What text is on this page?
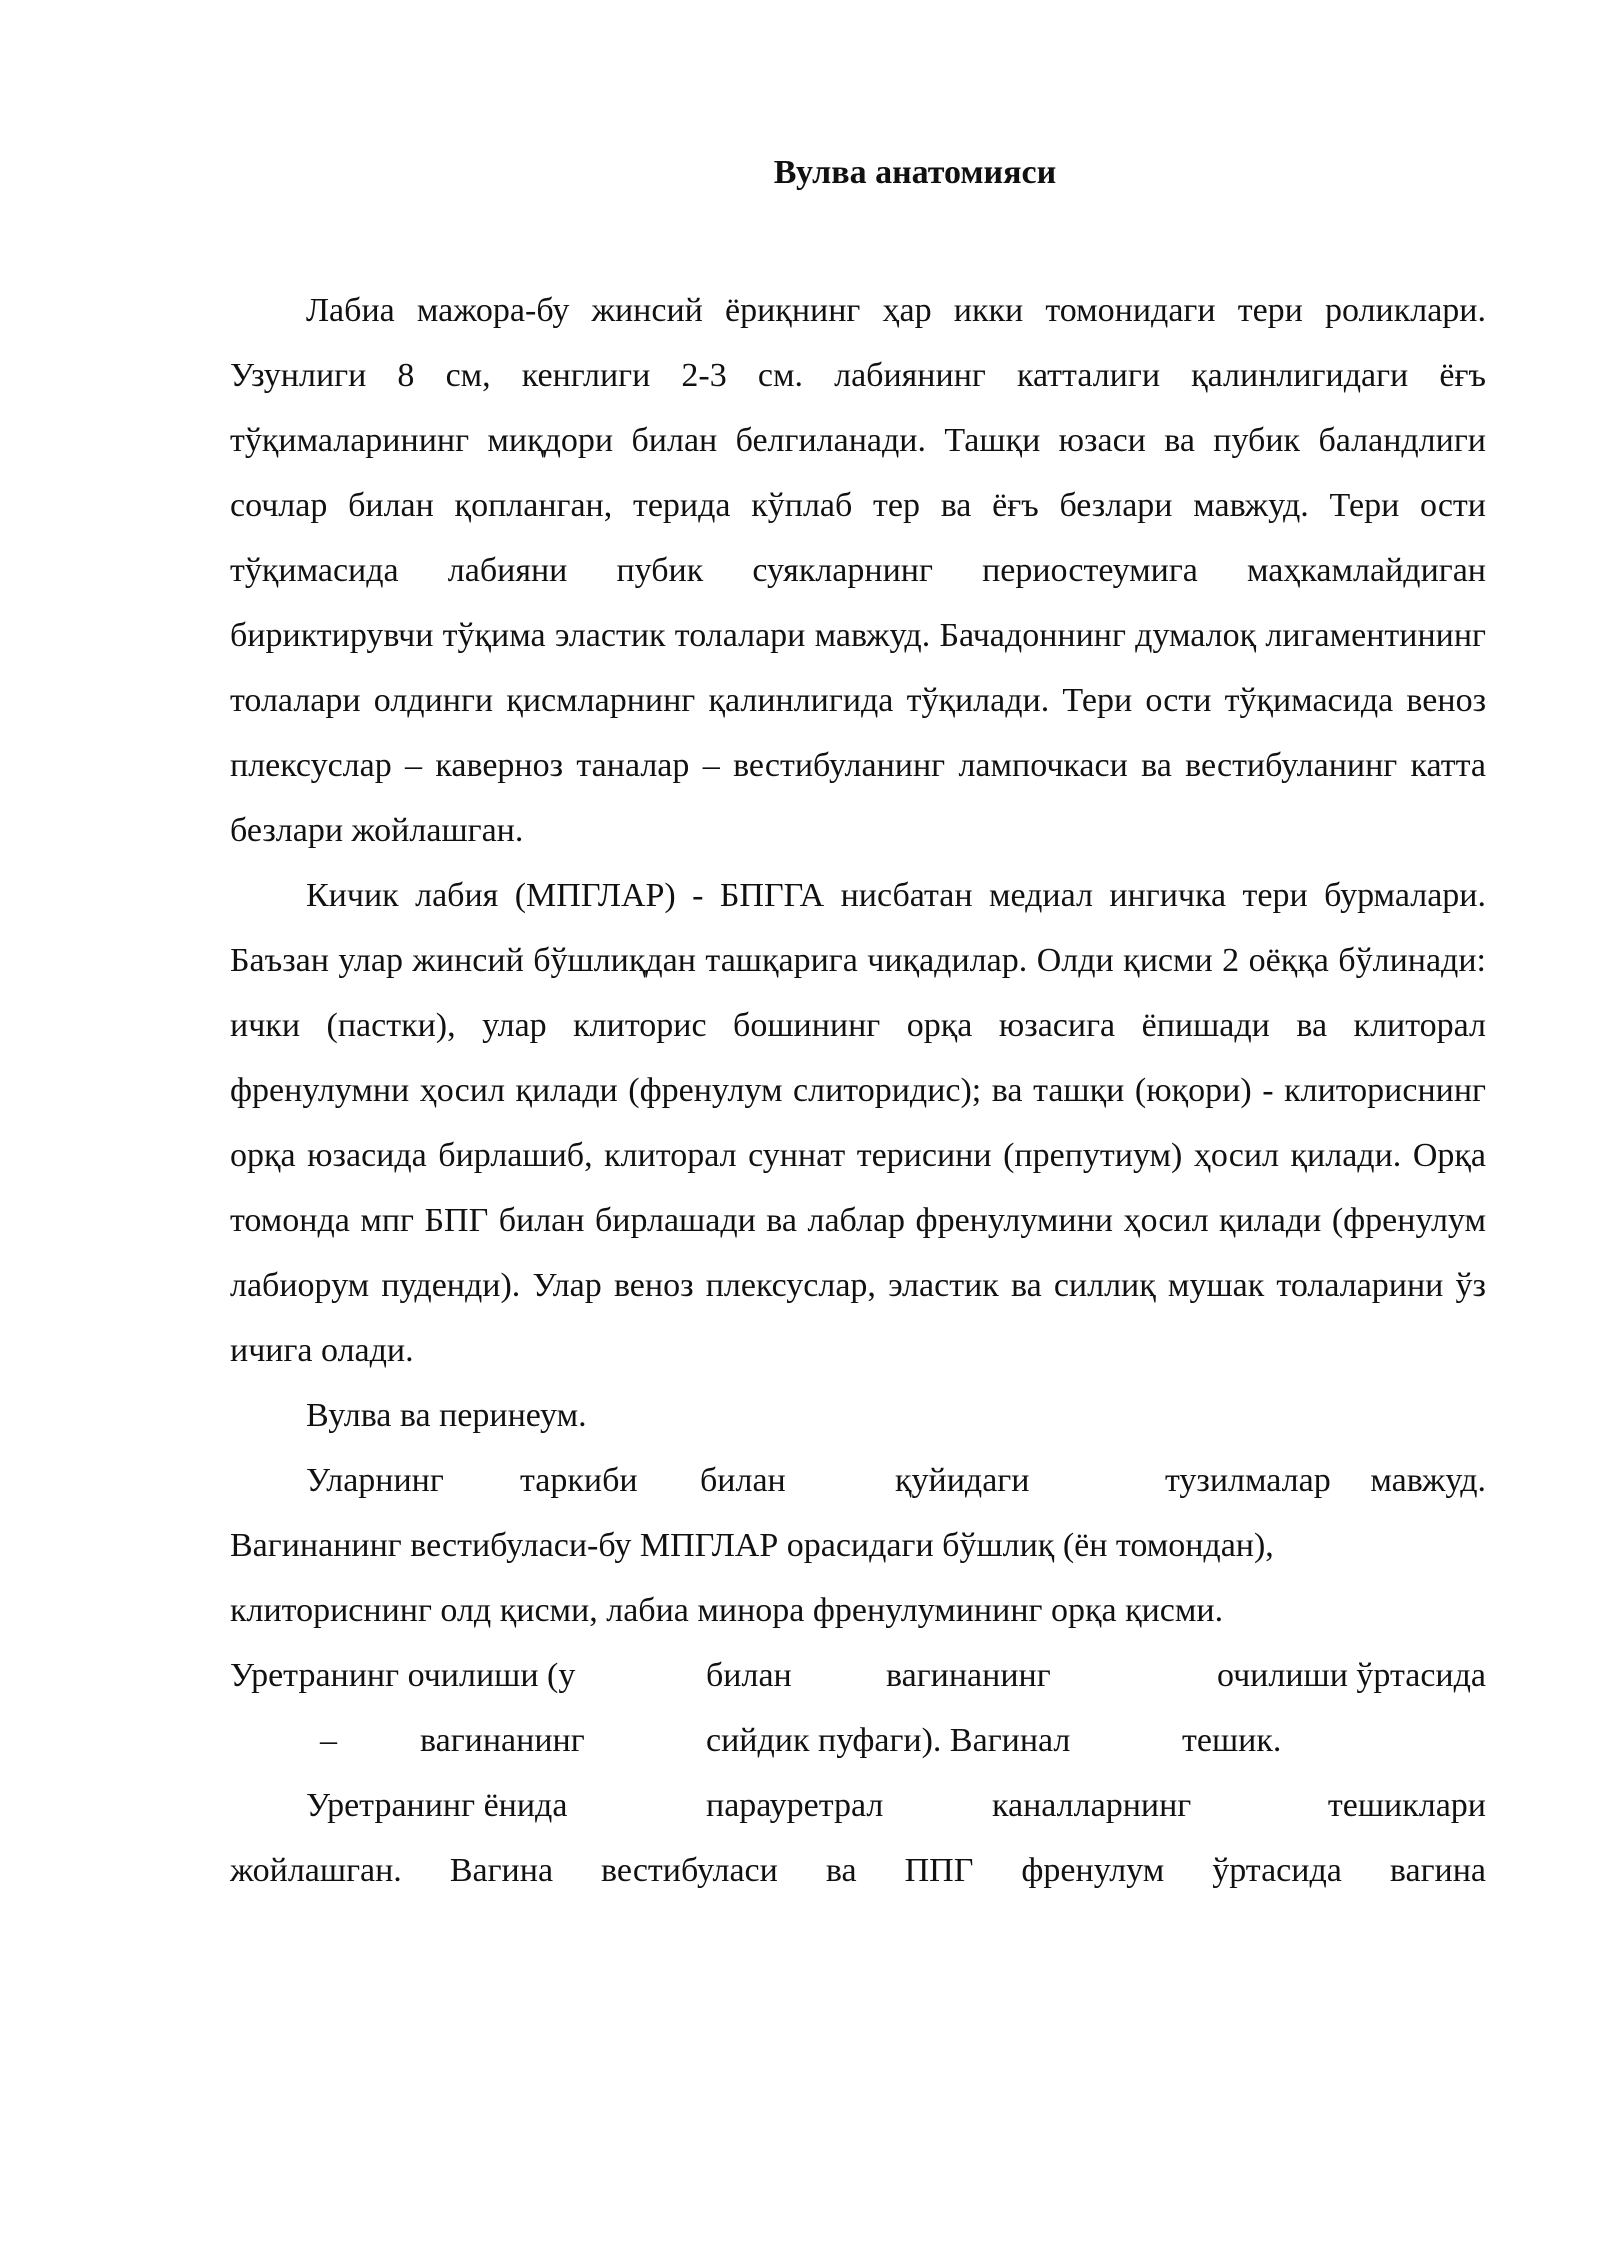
Вулва анатомияси

Лабиа мажора-бу жинсий ёриқнинг ҳар икки томонидаги тери роликлари. Узунлиги 8 см, кенглиги 2-3 см. лабиянинг катталиги қалинлигидаги ёғъ тўқималарининг миқдори билан белгиланади. Ташқи юзаси ва пубик баландлиги сочлар билан қопланган, терида кўплаб тер ва ёғъ безлари мавжуд. Тери ости тўқимасида лабияни пубик суякларнинг периостеумига маҳкамлайдиган бириктирувчи тўқима эластик толалари мавжуд. Бачадоннинг думалоқ лигаментининг толалари олдинги қисмларнинг қалинлигида тўқилади. Тери ости тўқимасида веноз плексуслар – каверноз таналар – вестибуланинг лампочкаси ва вестибуланинг катта безлари жойлашган.

Кичик лабия (МПГЛАР) - БПГГА нисбатан медиал ингичка тери бурмалари. Баъзан улар жинсий бўшлиқдан ташқарига чиқадилар. Олди қисми 2 оёққа бўлинади: ички (пастки), улар клиторис бошининг орқа юзасига ёпишади ва клиторал френулумни ҳосил қилади (френулум слиторидис); ва ташқи (юқори) - клиториснинг орқа юзасида бирлашиб, клиторал суннат терисини (препутиум) ҳосил қилади. Орқа томонда мпг БПГ билан бирлашади ва лаблар френулумини ҳосил қилади (френулум лабиорум пуденди). Улар веноз плексуслар, эластик ва силлиқ мушак толаларини ўз ичига олади.

Вулва ва перинеум.

Уларнинг	таркиби	билан	қуйидаги	тузилмалар	мавжуд.

Вагинанинг вестибуласи-бу МПГЛАР орасидаги бўшлиқ (ён томондан),

клиториснинг олд қисми, лабиа минора френулумининг орқа қисми.

Уретранинг очилиши (у	билан	вагинанинг	очилиши ўртасида
–	вагинанинг	сийдик пуфаги). Вагинал	тешик.
Уретранинг ёнида	парауретрал	каналларнинг	тешиклари

жойлашган. Вагина вестибуласи ва ППГ френулум ўртасида вагина
